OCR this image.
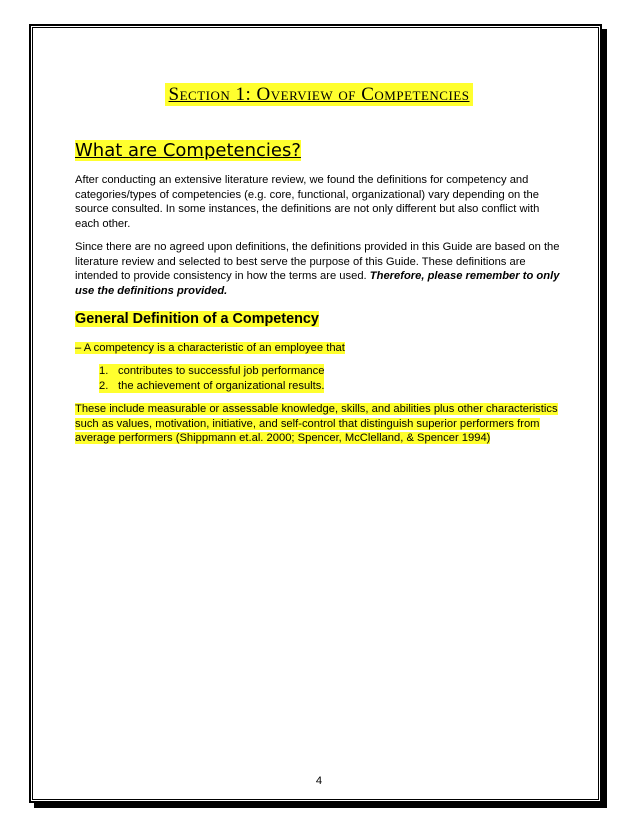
Section 1: Overview of Competencies
What are Competencies?

After conducting an extensive literature review, we found the definitions for competency and categories/types of competencies (e.g. core, functional, organizational) vary depending on the source consulted. In some instances, the definitions are not only different but also conflict with each other.

Since there are no agreed upon definitions, the definitions provided in this Guide are based on the literature review and selected to best serve the purpose of this Guide. These definitions are intended to provide consistency in how the terms are used. Therefore, please remember to only use the definitions provided.

General Definition of a Competency

– A competency is a characteristic of an employee that

1. contributes to successful job performance
2. the achievement of organizational results.

These include measurable or assessable knowledge, skills, and abilities plus other characteristics such as values, motivation, initiative, and self-control that distinguish superior performers from average performers (Shippmann et.al. 2000; Spencer, McClelland, & Spencer 1994)

4
